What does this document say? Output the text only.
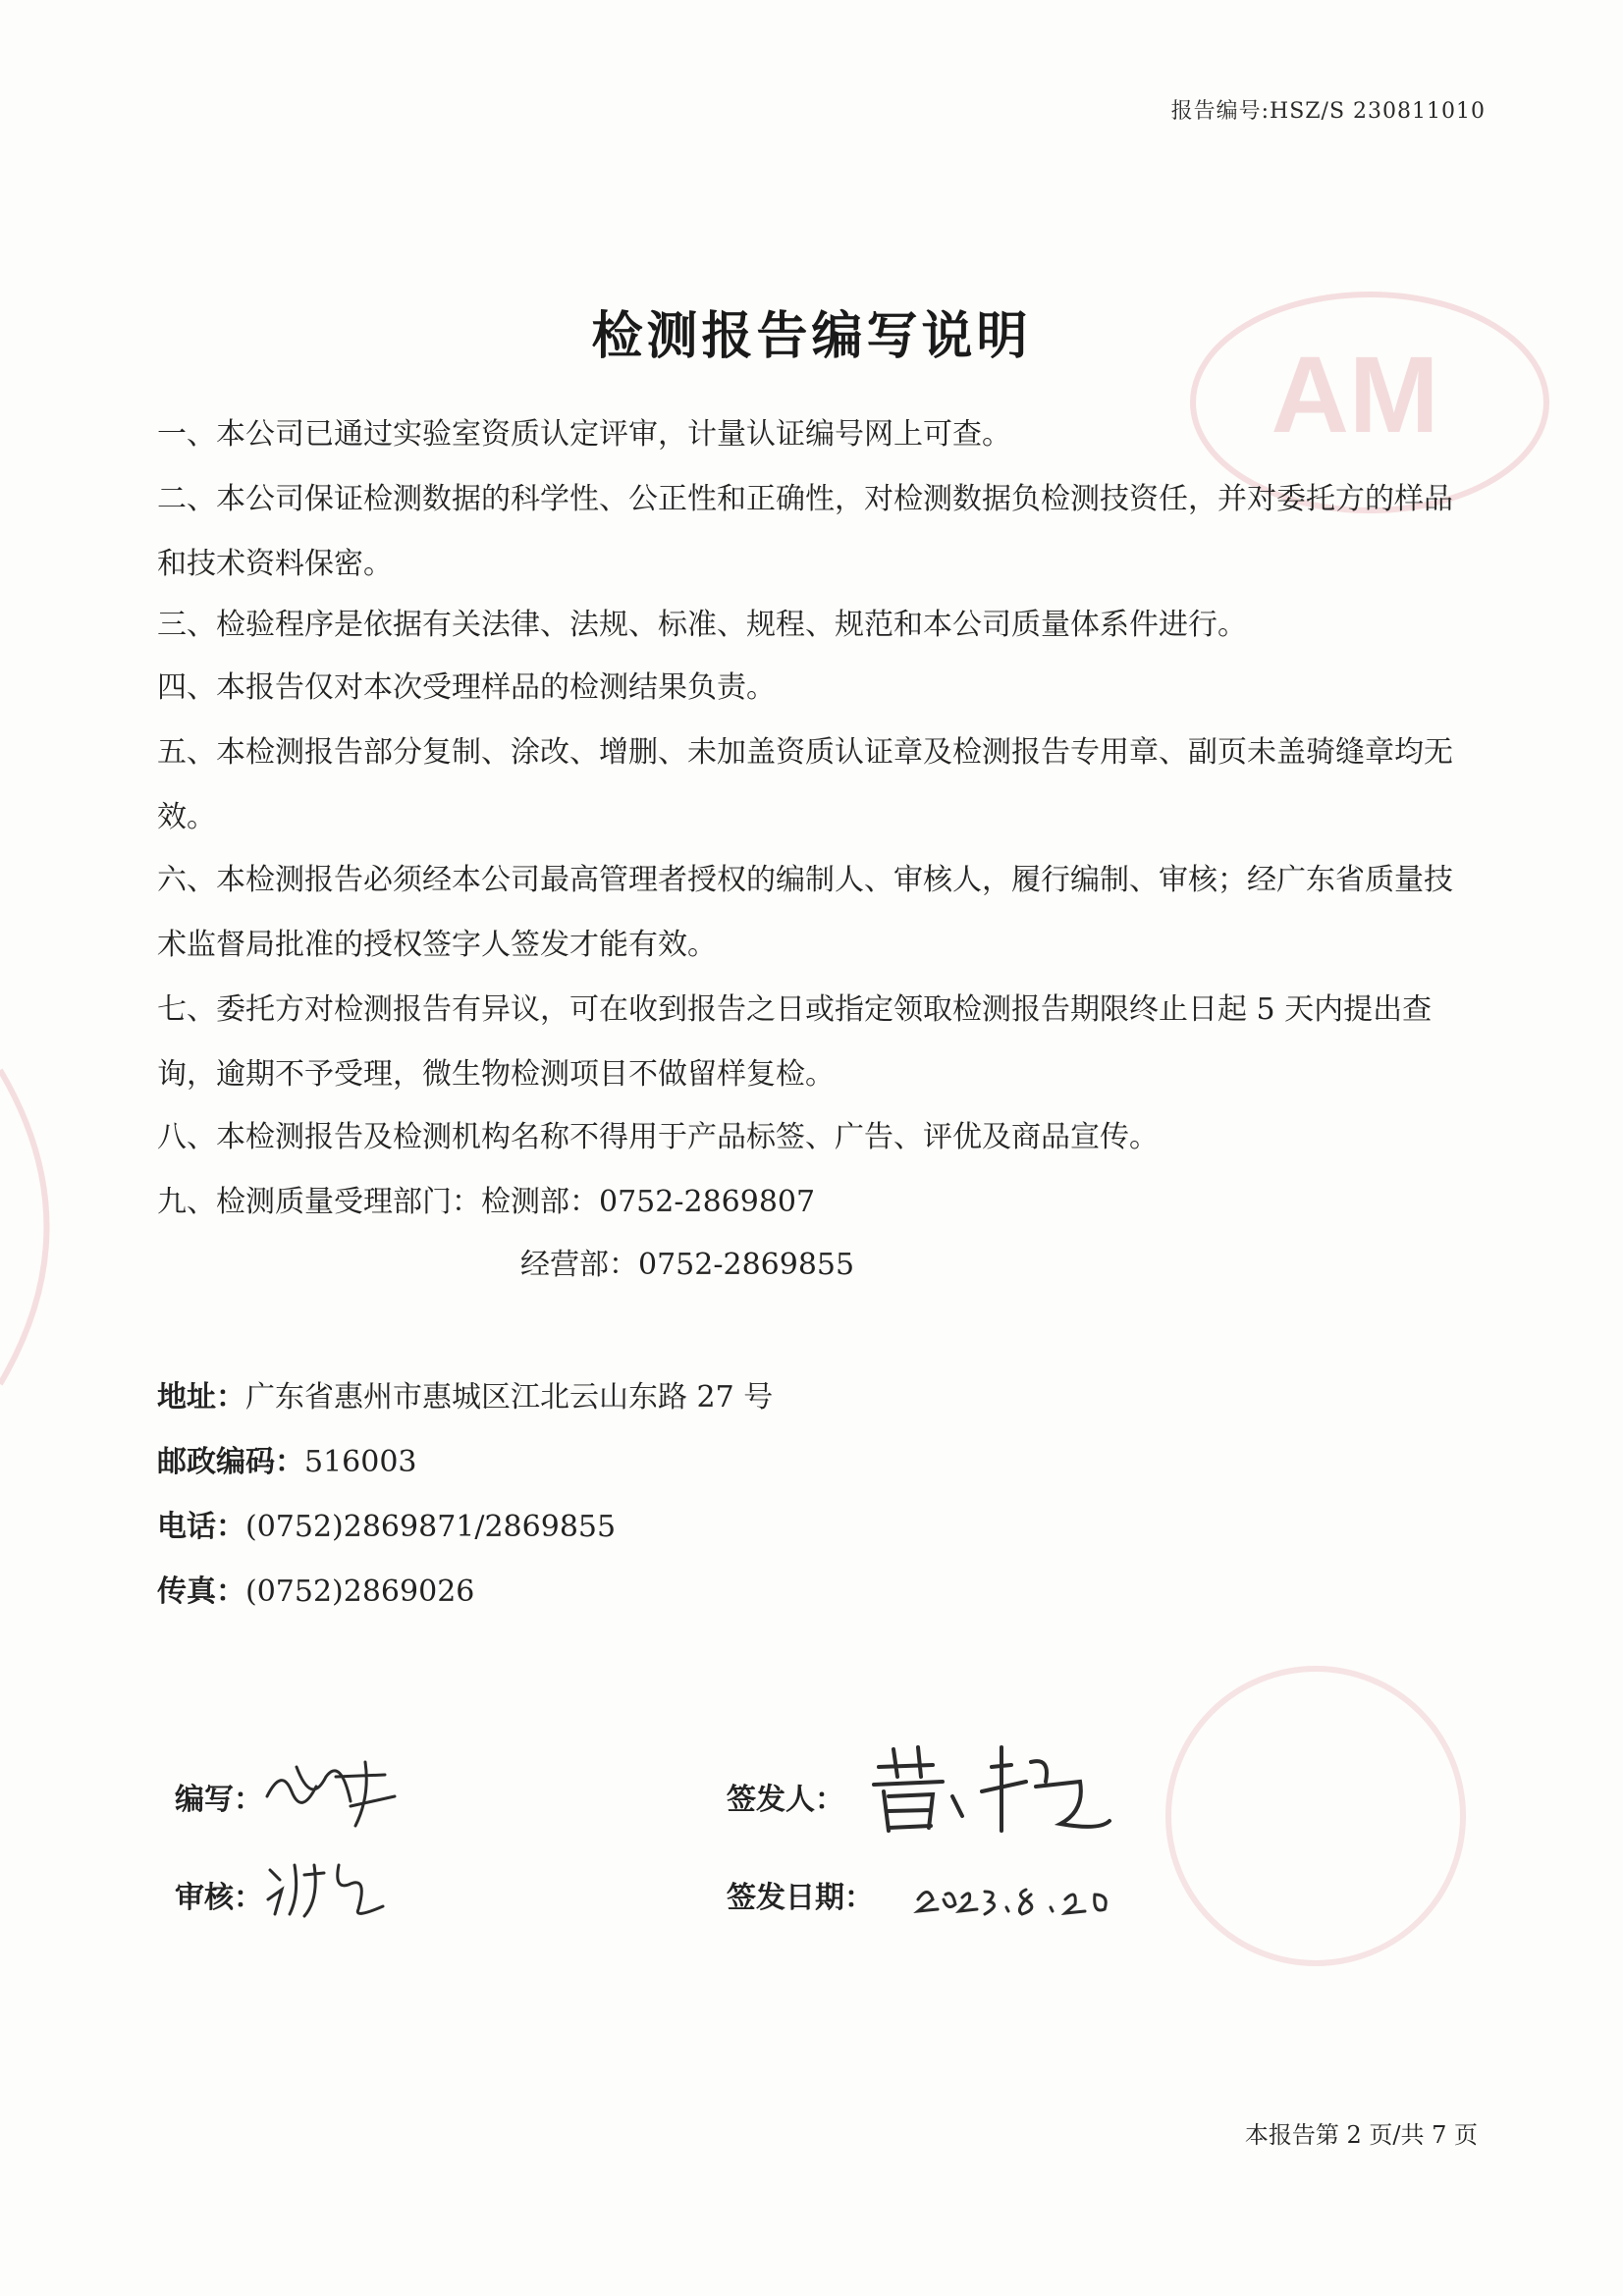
AM
报告编号:HSZ/S 230811010
检测报告编写说明
一、本公司已通过实验室资质认定评审，计量认证编号网上可查。
二、本公司保证检测数据的科学性、公正性和正确性，对检测数据负检测技资任，并对委托方的样品和技术资料保密。
三、检验程序是依据有关法律、法规、标准、规程、规范和本公司质量体系件进行。
四、本报告仅对本次受理样品的检测结果负责。
五、本检测报告部分复制、涂改、增删、未加盖资质认证章及检测报告专用章、副页未盖骑缝章均无效。
六、本检测报告必须经本公司最高管理者授权的编制人、审核人，履行编制、审核；经广东省质量技术监督局批准的授权签字人签发才能有效。
七、委托方对检测报告有异议，可在收到报告之日或指定领取检测报告期限终止日起 5 天内提出查询，逾期不予受理，微生物检测项目不做留样复检。
八、本检测报告及检测机构名称不得用于产品标签、广告、评优及商品宣传。
九、检测质量受理部门：检测部：0752-2869807
经营部：0752-2869855
地址：广东省惠州市惠城区江北云山东路 27 号
邮政编码：516003
电话：(0752)2869871/2869855
传真：(0752)2869026
编写：
审核：
签发人：
签发日期：
本报告第 2 页/共 7 页
